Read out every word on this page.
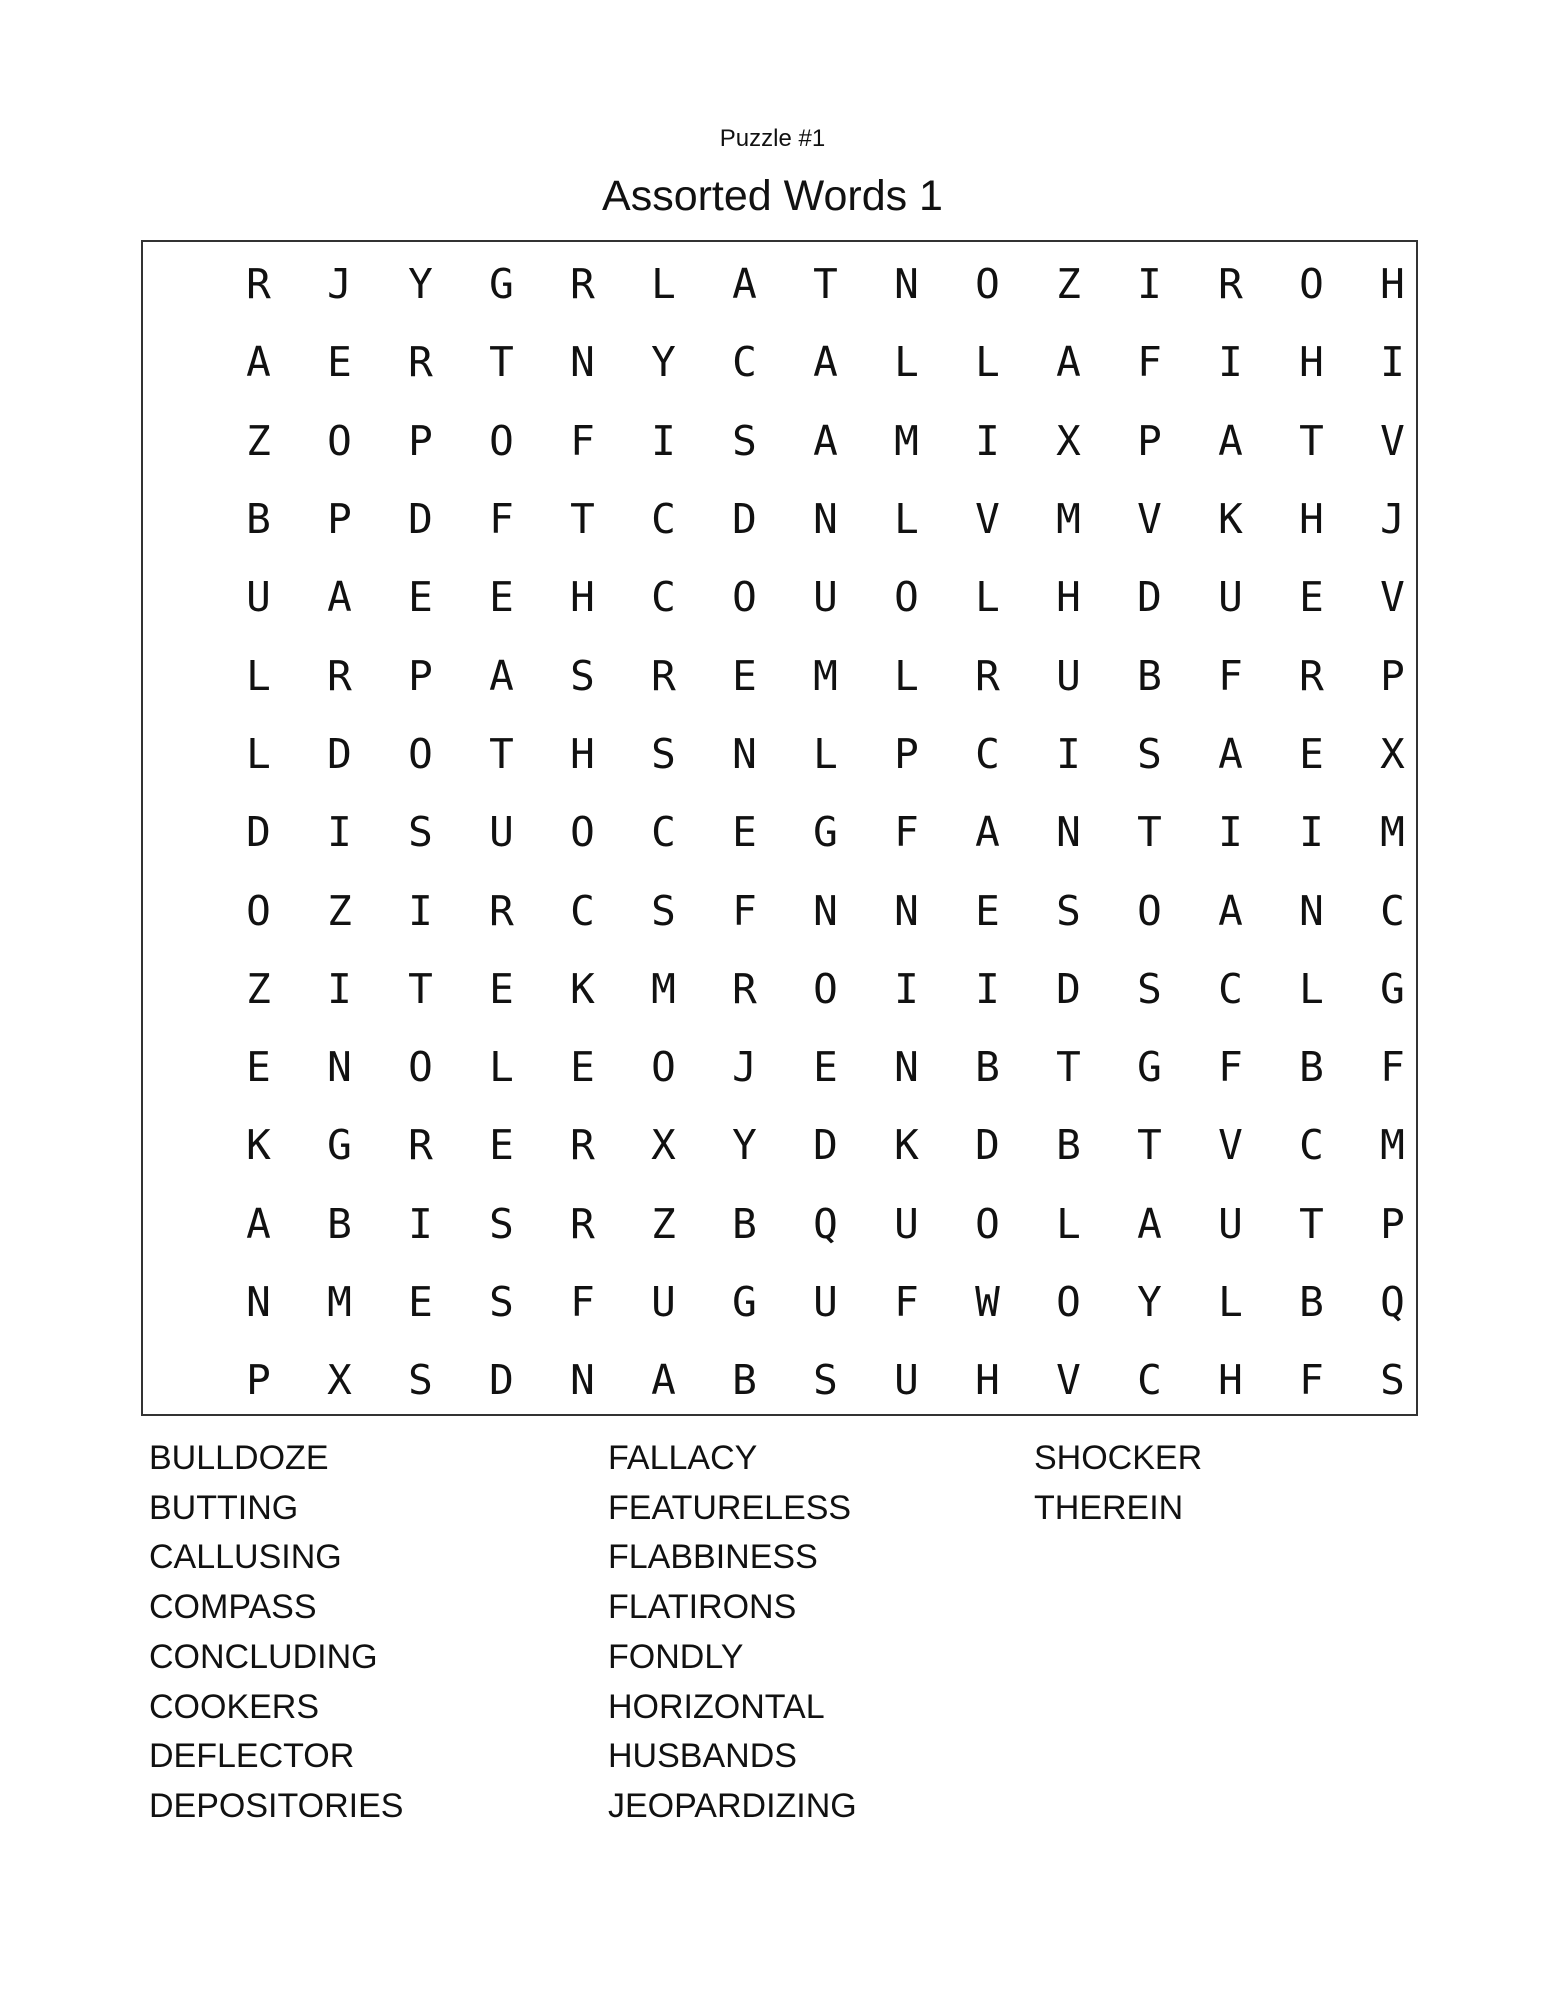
Puzzle #1
Assorted Words 1
R	J	Y	G	R	L	A	T	N	O	Z	I	R	O	H
A	E	R	T	N	Y	C	A	L	L	A	F	I	H	I
Z	O	P	O	F	I	S	A	M	I	X	P	A	T	V
B	P	D	F	T	C	D	N	L	V	M	V	K	H	J
U	A	E	E	H	C	O	U	O	L	H	D	U	E	V
L	R	P	A	S	R	E	M	L	R	U	B	F	R	P
L	D	O	T	H	S	N	L	P	C	I	S	A	E	X
D	I	S	U	O	C	E	G	F	A	N	T	I	I	M
O	Z	I	R	C	S	F	N	N	E	S	O	A	N	C
Z	I	T	E	K	M	R	O	I	I	D	S	C	L	G
E	N	O	L	E	O	J	E	N	B	T	G	F	B	F
K	G	R	E	R	X	Y	D	K	D	B	T	V	C	M
A	B	I	S	R	Z	B	Q	U	O	L	A	U	T	P
N	M	E	S	F	U	G	U	F	W	O	Y	L	B	Q
P	X	S	D	N	A	B	S	U	H	V	C	H	F	S
BULLDOZE
BUTTING
CALLUSING
COMPASS
CONCLUDING
COOKERS
DEFLECTOR
DEPOSITORIES
FALLACY
FEATURELESS
FLABBINESS
FLATIRONS
FONDLY
HORIZONTAL
HUSBANDS
JEOPARDIZING
SHOCKER
THEREIN
